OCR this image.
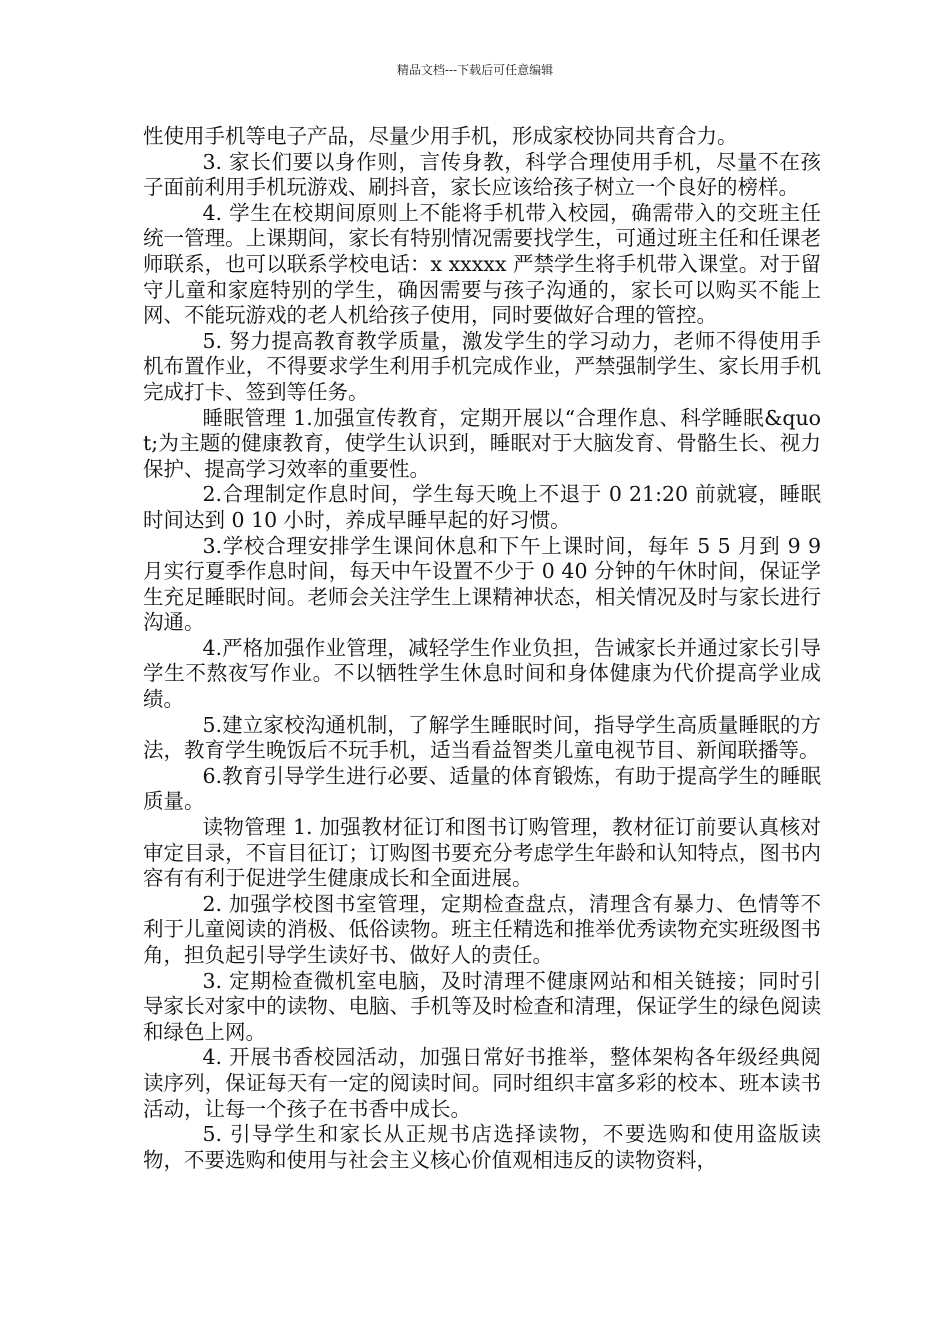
精品文档---下载后可任意编辑

性使用手机等电子产品，尽量少用手机，形成家校协同共育合力。

3. 家长们要以身作则，言传身教，科学合理使用手机，尽量不在孩子面前利用手机玩游戏、刷抖音，家长应该给孩子树立一个良好的榜样。

4. 学生在校期间原则上不能将手机带入校园，确需带入的交班主任统一管理。上课期间，家长有特别情况需要找学生，可通过班主任和任课老师联系，也可以联系学校电话：x xxxxx 严禁学生将手机带入课堂。对于留守儿童和家庭特别的学生，确因需要与孩子沟通的，家长可以购买不能上网、不能玩游戏的老人机给孩子使用，同时要做好合理的管控。

5. 努力提高教育教学质量，激发学生的学习动力，老师不得使用手机布置作业，不得要求学生利用手机完成作业，严禁强制学生、家长用手机完成打卡、签到等任务。

睡眠管理 1.加强宣传教育，定期开展以“合理作息、科学睡眠&quot;为主题的健康教育，使学生认识到，睡眠对于大脑发育、骨骼生长、视力保护、提高学习效率的重要性。

2.合理制定作息时间，学生每天晚上不退于 0 21:20 前就寝，睡眠时间达到 0 10 小时，养成早睡早起的好习惯。

3.学校合理安排学生课间休息和下午上课时间，每年 5 5 月到 9 9 月实行夏季作息时间，每天中午设置不少于 0 40 分钟的午休时间，保证学生充足睡眠时间。老师会关注学生上课精神状态，相关情况及时与家长进行沟通。

4.严格加强作业管理，减轻学生作业负担，告诫家长并通过家长引导学生不熬夜写作业。不以牺牲学生休息时间和身体健康为代价提高学业成绩。

5.建立家校沟通机制，了解学生睡眠时间，指导学生高质量睡眠的方法，教育学生晚饭后不玩手机，适当看益智类儿童电视节目、新闻联播等。

6.教育引导学生进行必要、适量的体育锻炼，有助于提高学生的睡眠质量。

读物管理 1. 加强教材征订和图书订购管理，教材征订前要认真核对审定目录，不盲目征订；订购图书要充分考虑学生年龄和认知特点，图书内容有有利于促进学生健康成长和全面进展。

2. 加强学校图书室管理，定期检查盘点，清理含有暴力、色情等不利于儿童阅读的消极、低俗读物。班主任精选和推举优秀读物充实班级图书角，担负起引导学生读好书、做好人的责任。

3. 定期检查微机室电脑，及时清理不健康网站和相关链接；同时引导家长对家中的读物、电脑、手机等及时检查和清理，保证学生的绿色阅读和绿色上网。

4. 开展书香校园活动，加强日常好书推举，整体架构各年级经典阅读序列，保证每天有一定的阅读时间。同时组织丰富多彩的校本、班本读书活动，让每一个孩子在书香中成长。

5. 引导学生和家长从正规书店选择读物，不要选购和使用盗版读物，不要选购和使用与社会主义核心价值观相违反的读物资料，
